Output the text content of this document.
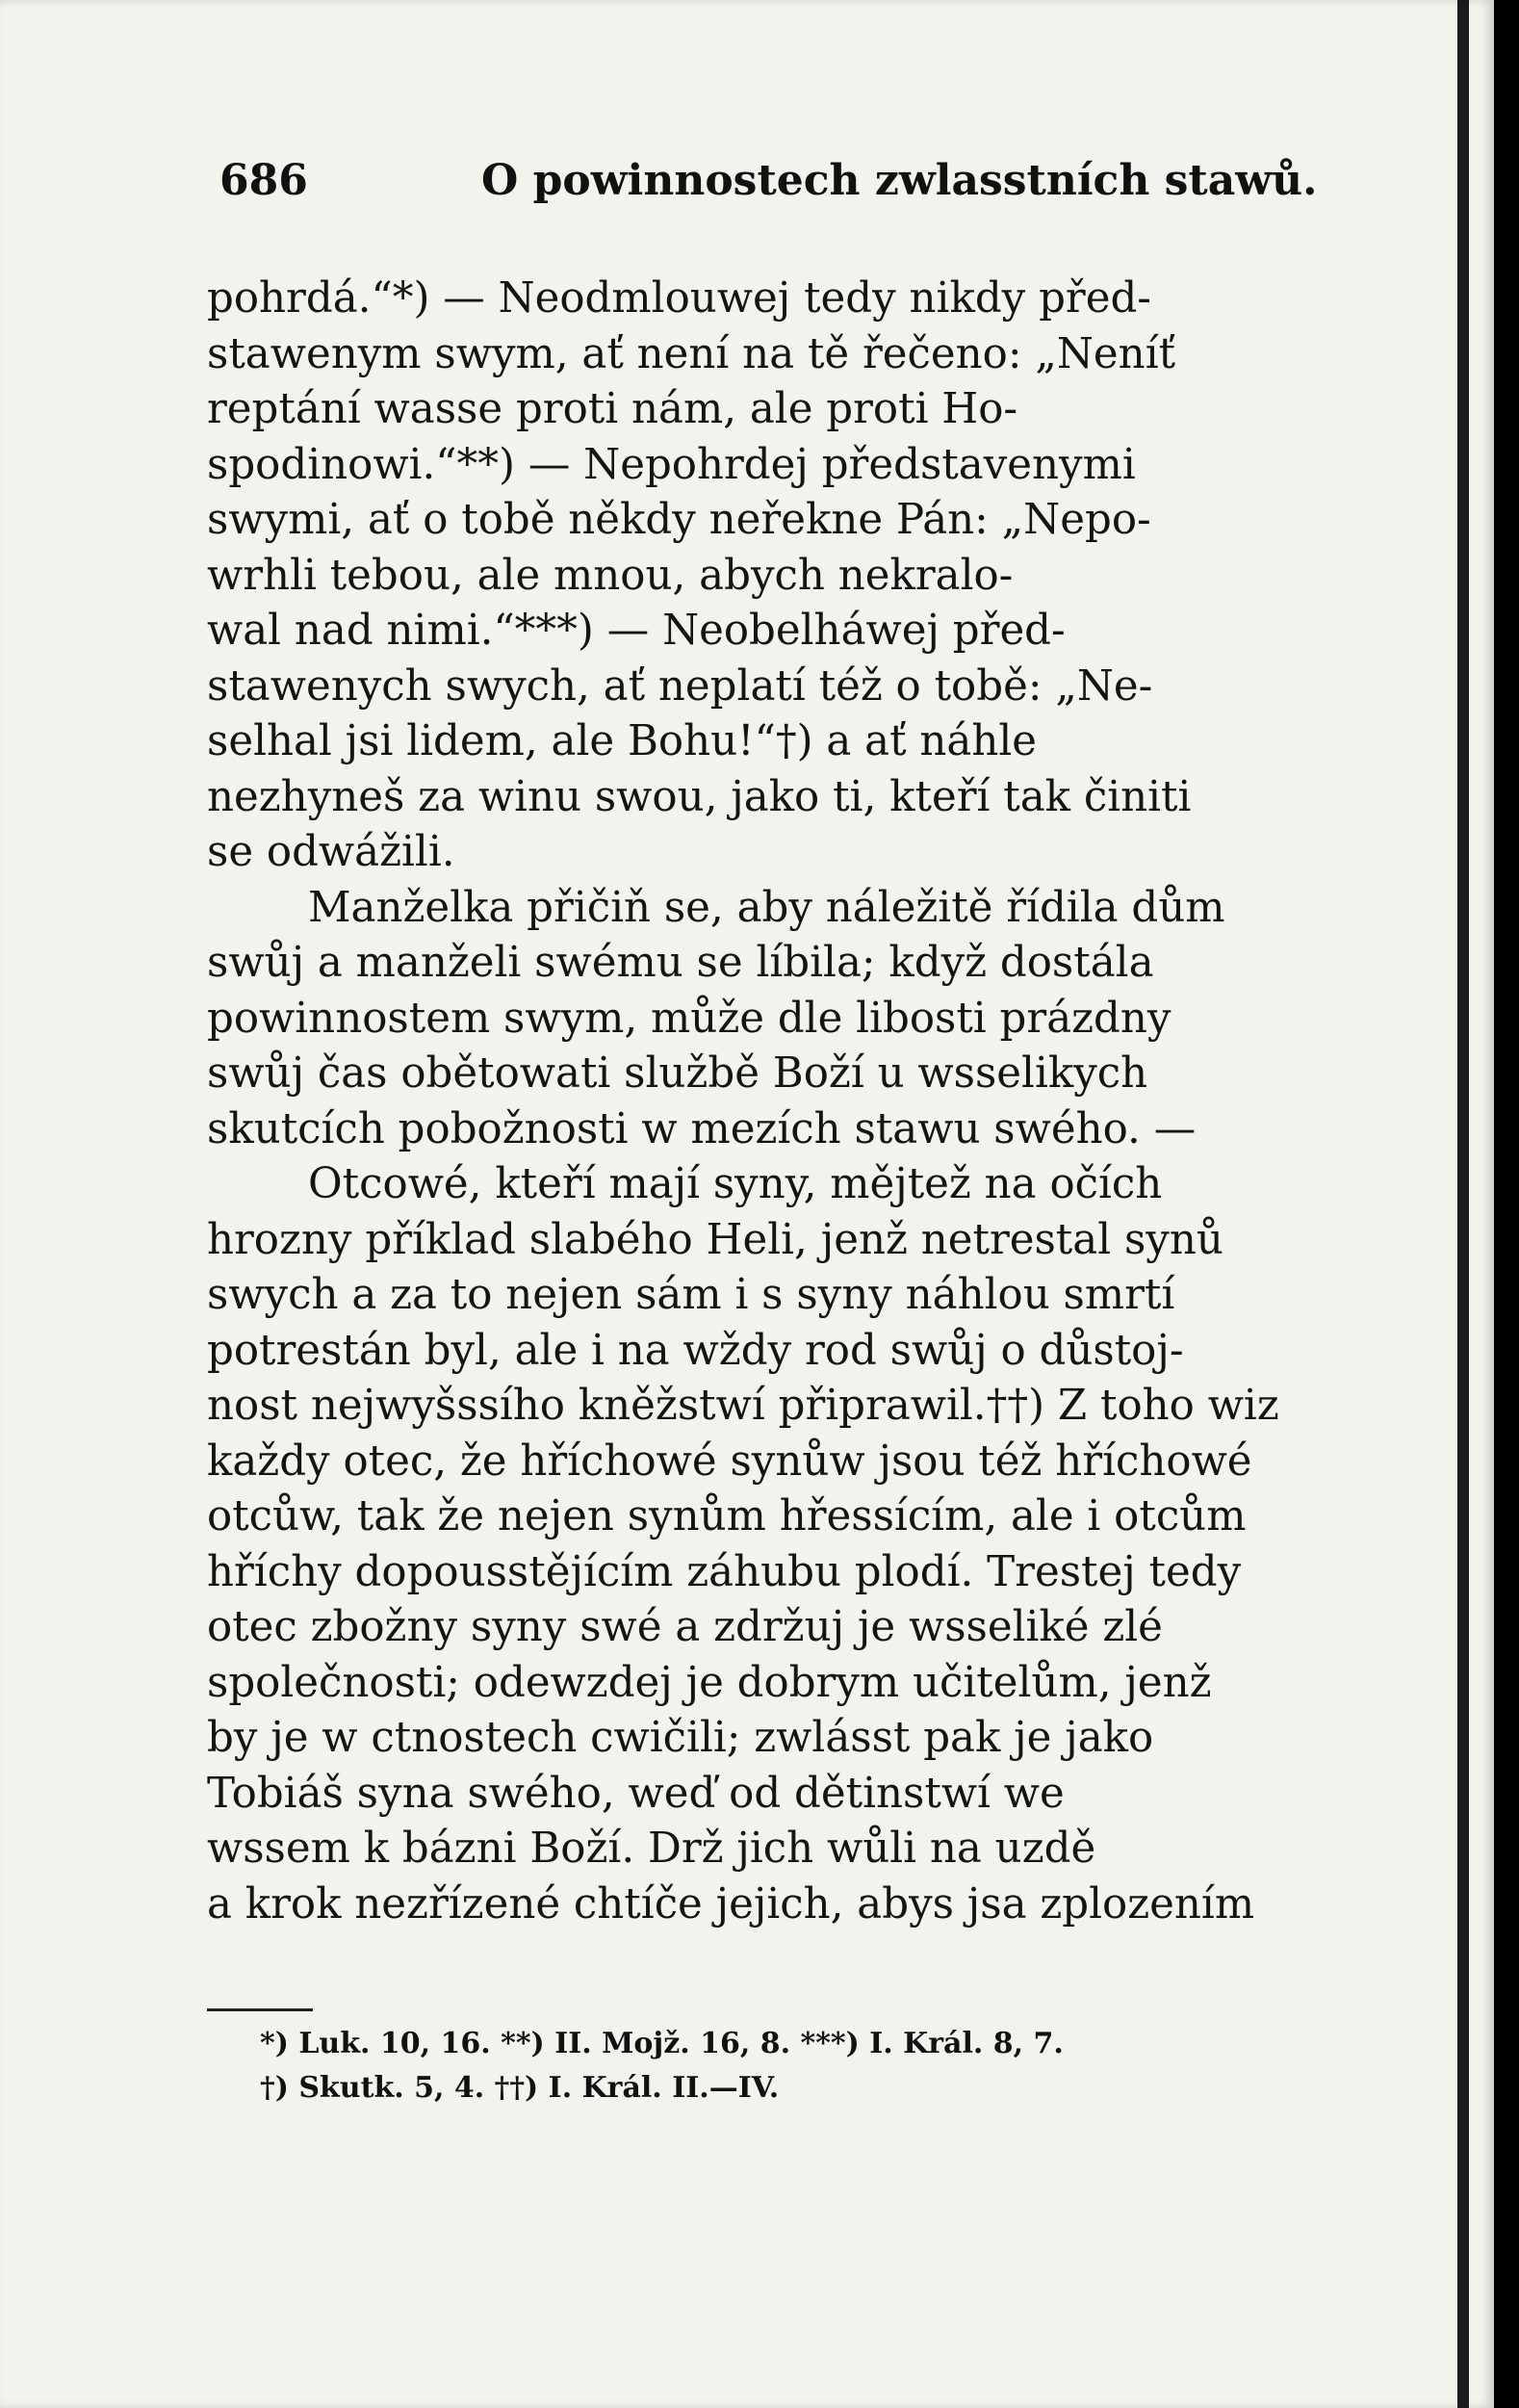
686	O powinnostech zwlasstních stawů.
pohrdá.“*) — Neodmlouwej tedy nikdy před-
stawenym swym, ať není na tě řečeno: „Neníť
reptání wasse proti nám, ale proti Ho-
spodinowi.“**) — Nepohrdej představenymi
swymi, ať o tobě někdy neřekne Pán: „Nepo-
wrhli tebou, ale mnou, abych nekralo-
wal nad nimi.“***) — Neobelháwej před-
stawenych swych, ať neplatí též o tobě: „Ne-
selhal jsi lidem, ale Bohu!“†) a ať náhle
nezhyneš za winu swou, jako ti, kteří tak činiti
se odwážili.
Manželka přičiň se, aby náležitě řídila dům
swůj a manželi swému se líbila; když dostála
powinnostem swym, může dle libosti prázdny
swůj čas obětowati službě Boží u wsselikych
skutcích pobožnosti w mezích stawu swého. —
Otcowé, kteří mají syny, mějtež na očích
hrozny příklad slabého Heli, jenž netrestal synů
swych a za to nejen sám i s syny náhlou smrtí
potrestán byl, ale i na wždy rod swůj o důstoj-
nost nejwyšssího kněžstwí připrawil.††) Z toho wiz
každy otec, že hříchowé synůw jsou též hříchowé
otcůw, tak že nejen synům hřessícím, ale i otcům
hříchy dopousstějícím záhubu plodí. Trestej tedy
otec zbožny syny swé a zdržuj je wsseliké zlé
společnosti; odewzdej je dobrym učitelům, jenž
by je w ctnostech cwičili; zwlásst pak je jako
Tobiáš syna swého, weď od dětinstwí we
wssem k bázni Boží. Drž jich wůli na uzdě
a krok nezřízené chtíče jejich, abys jsa zplozením
*) Luk. 10, 16. **) II. Mojž. 16, 8. ***) I. Král. 8, 7.
†) Skutk. 5, 4. ††) I. Král. II.—IV.
